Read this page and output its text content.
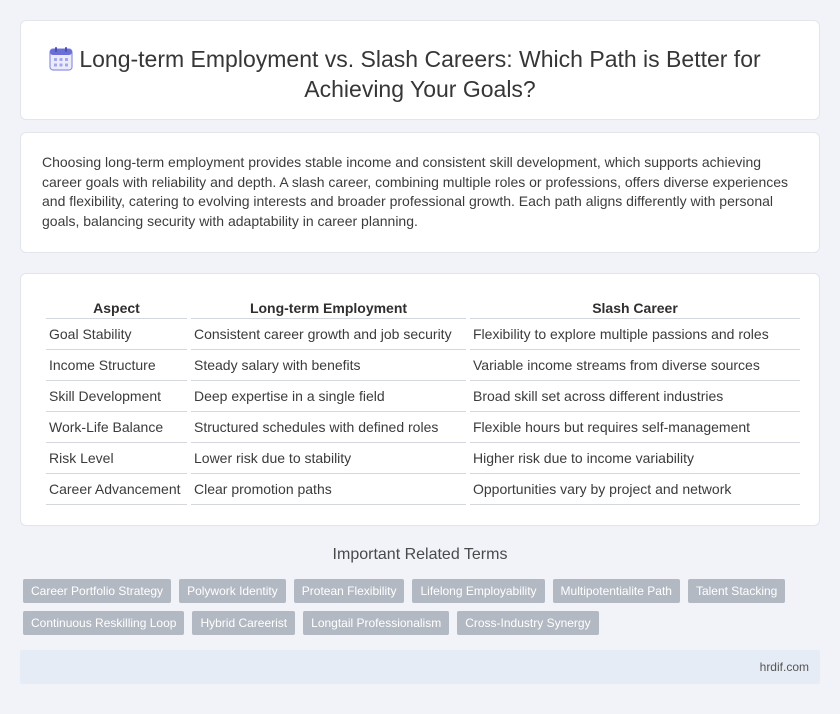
Long-term Employment vs. Slash Careers: Which Path is Better for Achieving Your Goals?

Choosing long-term employment provides stable income and consistent skill development, which supports achieving career goals with reliability and depth. A slash career, combining multiple roles or professions, offers diverse experiences and flexibility, catering to evolving interests and broader professional growth. Each path aligns differently with personal goals, balancing security with adaptability in career planning.

Aspect	Long-term Employment	Slash Career
Goal Stability	Consistent career growth and job security	Flexibility to explore multiple passions and roles
Income Structure	Steady salary with benefits	Variable income streams from diverse sources
Skill Development	Deep expertise in a single field	Broad skill set across different industries
Work-Life Balance	Structured schedules with defined roles	Flexible hours but requires self-management
Risk Level	Lower risk due to stability	Higher risk due to income variability
Career Advancement	Clear promotion paths	Opportunities vary by project and network
Important Related Terms
Career Portfolio Strategy	Polywork Identity	Protean Flexibility	Lifelong Employability	Multipotentialite Path	Talent Stacking
Continuous Reskilling Loop	Hybrid Careerist	Longtail Professionalism	Cross-Industry Synergy
hrdif.com
